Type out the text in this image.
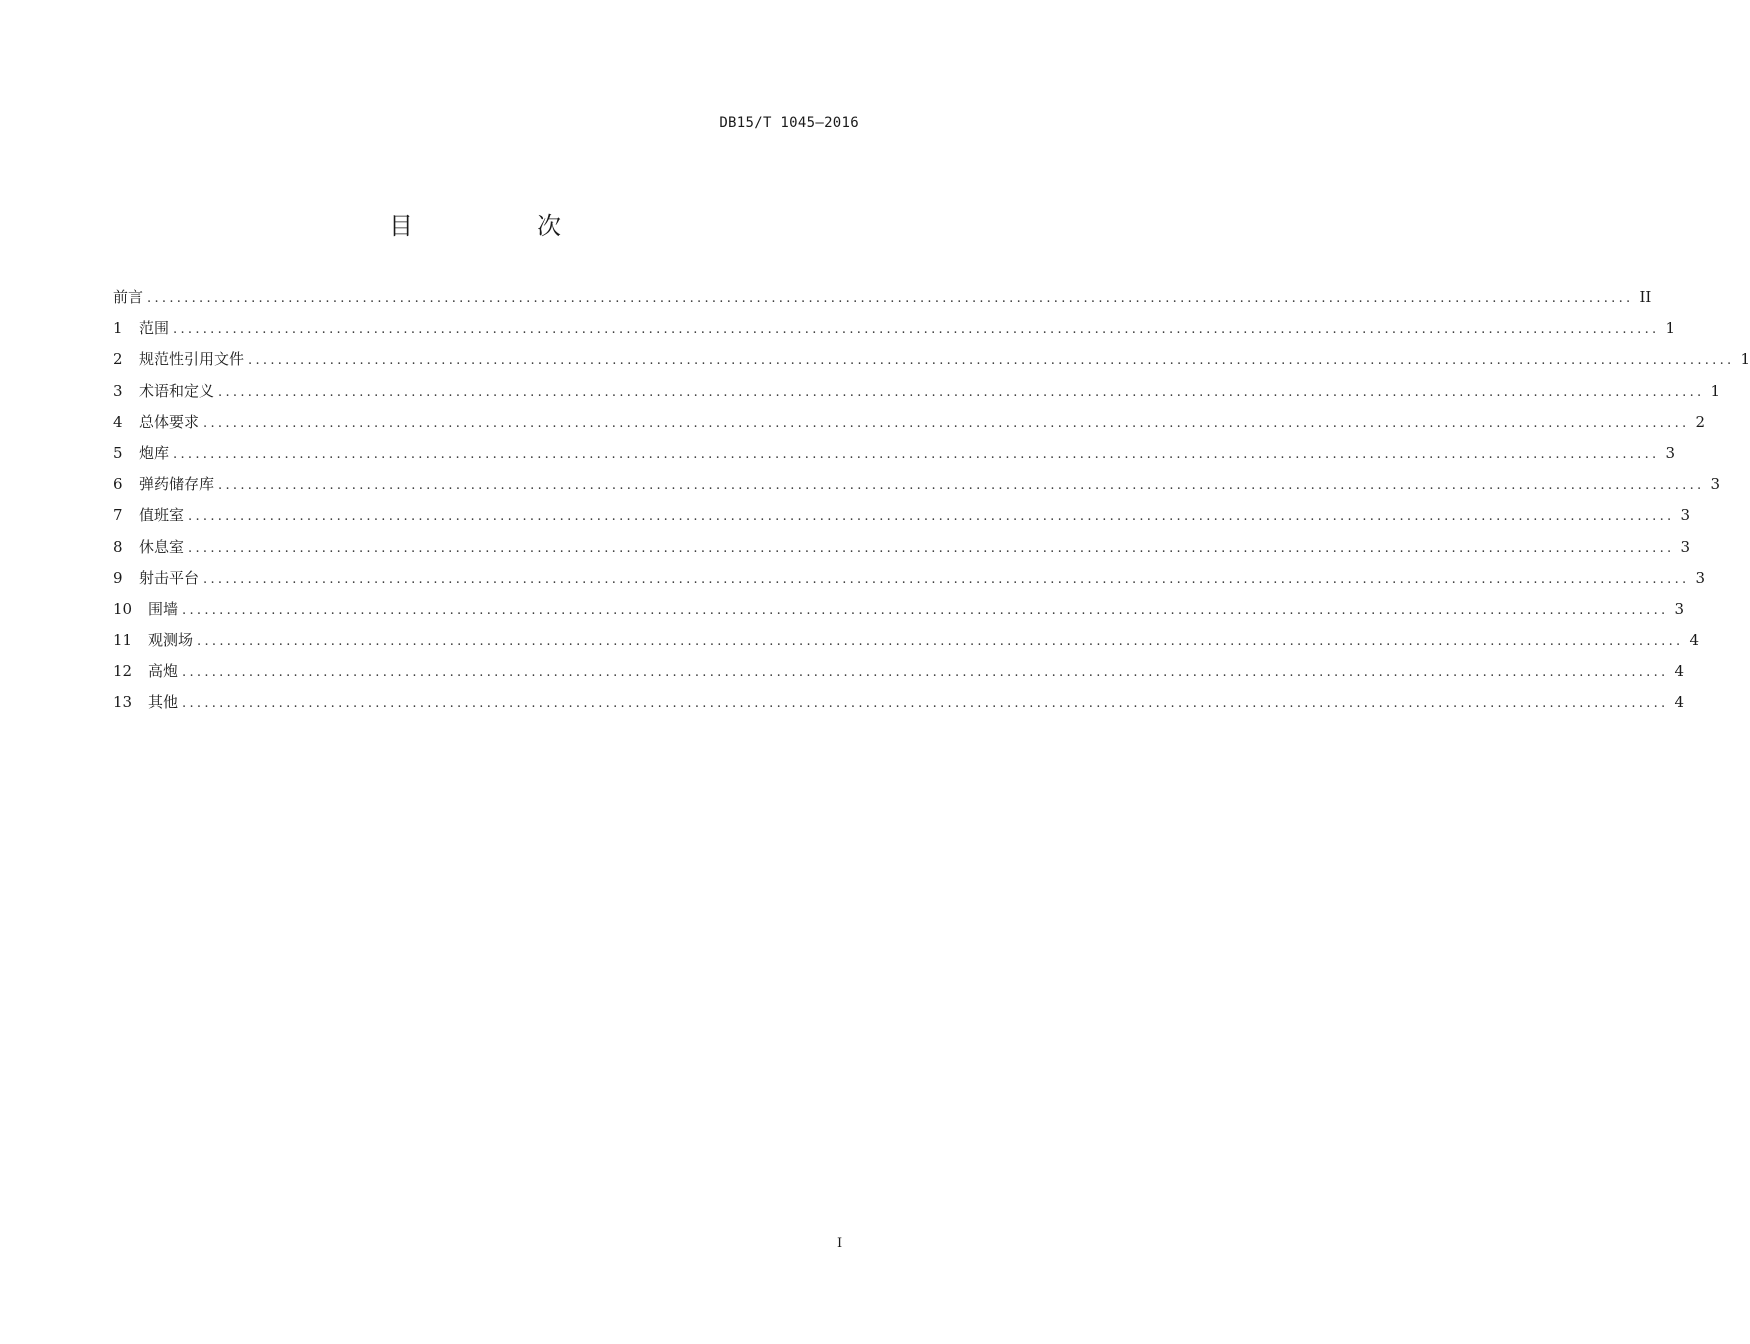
DB15/T 1045—2016
目　次
前言 ........................................................................................................................................................................................................ II
1	范围 ........................................................................................................................................................................................................ 1
2	规范性引用文件 ........................................................................................................................................................................................................ 1
3	术语和定义 ........................................................................................................................................................................................................ 1
4	总体要求 ........................................................................................................................................................................................................ 2
5	炮库 ........................................................................................................................................................................................................ 3
6	弹药储存库 ........................................................................................................................................................................................................ 3
7	值班室 ........................................................................................................................................................................................................ 3
8	休息室 ........................................................................................................................................................................................................ 3
9	射击平台 ........................................................................................................................................................................................................ 3
10	围墙 ........................................................................................................................................................................................................ 3
11	观测场 ........................................................................................................................................................................................................ 4
12	高炮 ........................................................................................................................................................................................................ 4
13	其他 ........................................................................................................................................................................................................ 4
I
